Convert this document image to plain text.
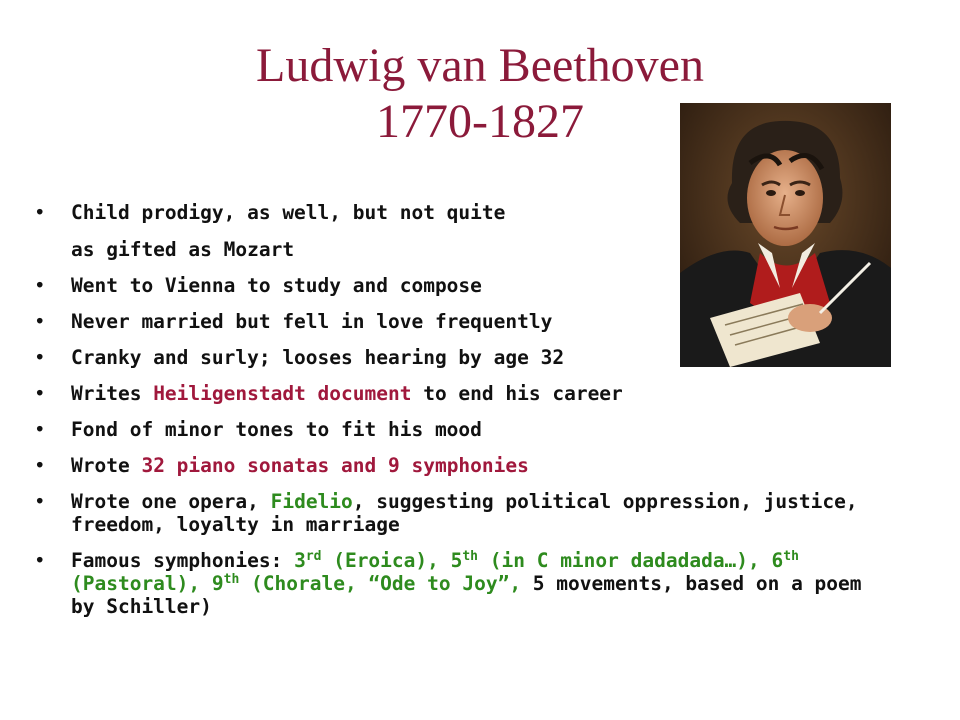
Ludwig van Beethoven
1770-1827
•	Child prodigy, as well, but not quite
as gifted as Mozart
•	Went to Vienna to study and compose
•	Never married but fell in love frequently
•	Cranky and surly; looses hearing by age 32
•	Writes Heiligenstadt document to end his career
•	Fond of minor tones to fit his mood
•	Wrote 32 piano sonatas and 9 symphonies
•	Wrote one opera, Fidelio, suggesting political oppression, justice, freedom, loyalty in marriage
•	Famous symphonies: 3rd (Eroica), 5th (in C minor dadadada…), 6th (Pastoral), 9th (Chorale, “Ode to Joy”, 5 movements, based on a poem by Schiller)
